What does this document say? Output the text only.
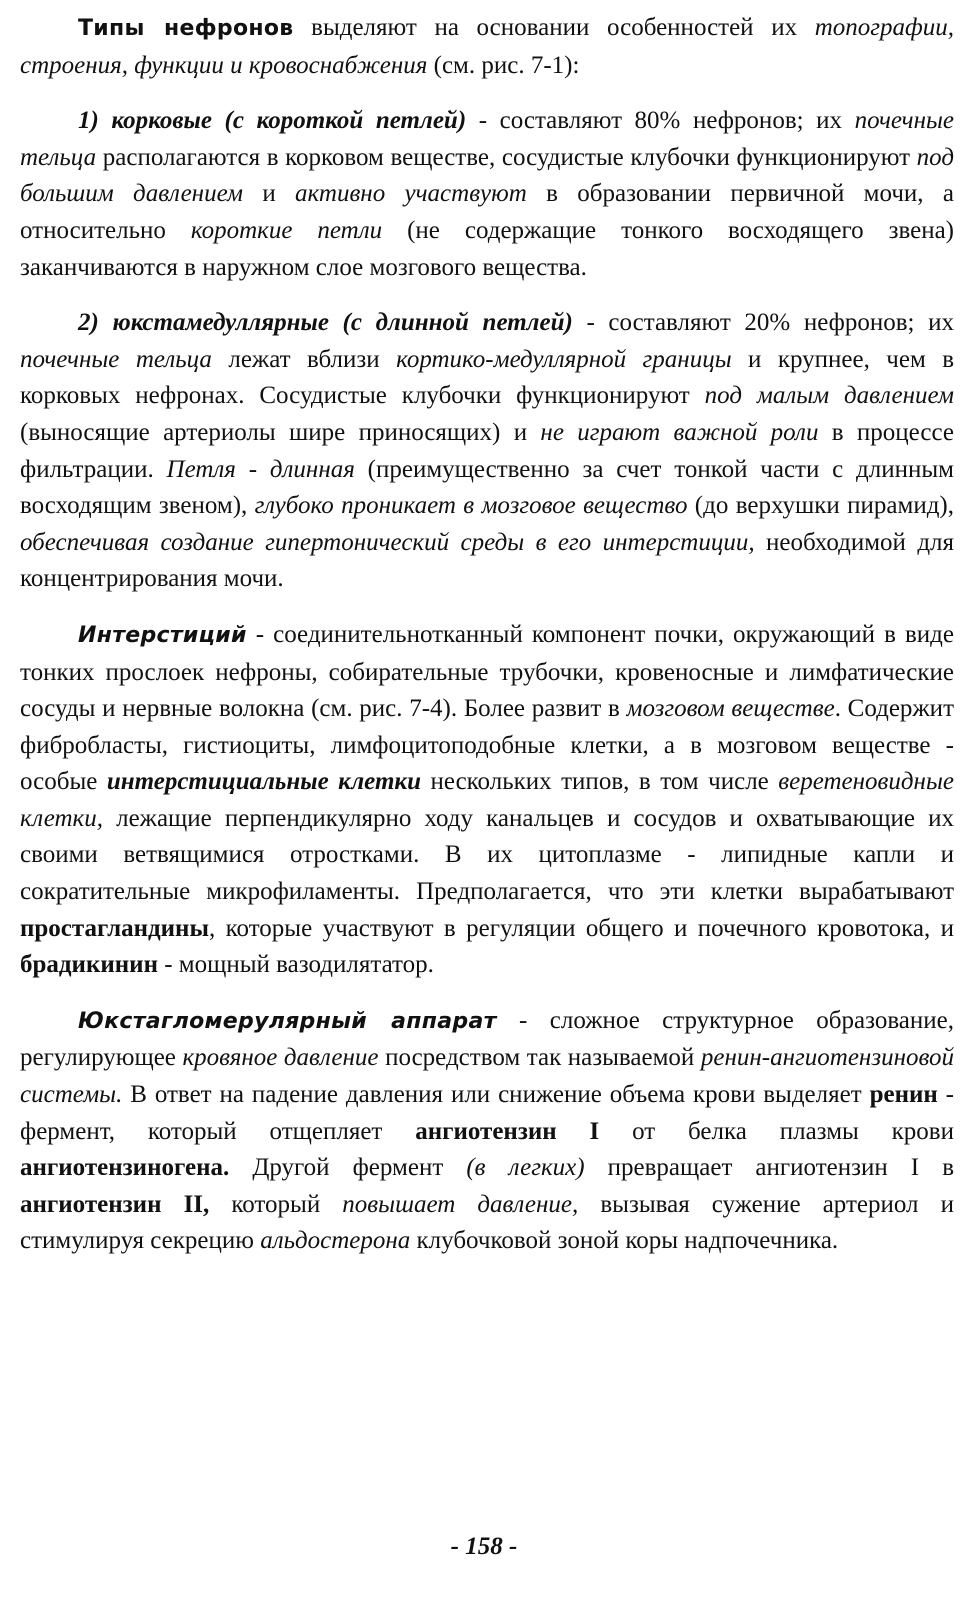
Типы нефронов выделяют на основании особенностей их топографии, строения, функции и кровоснабжения (см. рис. 7-1):

1) корковые (с короткой петлей) - составляют 80% нефронов; их почечные тельца располагаются в корковом веществе, сосудистые клубочки функционируют под большим давлением и активно участвуют в образовании первичной мочи, а относительно короткие петли (не содержащие тонкого восходящего звена) заканчиваются в наружном слое мозгового вещества.

2) юкстамедуллярные (с длинной петлей) - составляют 20% нефронов; их почечные тельца лежат вблизи кортико-медуллярной границы и крупнее, чем в корковых нефронах. Сосудистые клубочки функционируют под малым давлением (выносящие артериолы шире приносящих) и не играют важной роли в процессе фильтрации. Петля - длинная (преимущественно за счет тонкой части с длинным восходящим звеном), глубоко проникает в мозговое вещество (до верхушки пирамид), обеспечивая создание гипертонический среды в его интерстиции, необходимой для концентрирования мочи.

Интерстиций - соединительнотканный компонент почки, окружающий в виде тонких прослоек нефроны, собирательные трубочки, кровеносные и лимфатические сосуды и нервные волокна (см. рис. 7-4). Более развит в мозговом веществе. Содержит фибробласты, гистиоциты, лимфоцитоподобные клетки, а в мозговом веществе - особые интерстициальные клетки нескольких типов, в том числе веретеновидные клетки, лежащие перпендикулярно ходу канальцев и сосудов и охватывающие их своими ветвящимися отростками. В их цитоплазме - липидные капли и сократительные микрофиламенты. Предполагается, что эти клетки вырабатывают простагландины, которые участвуют в регуляции общего и почечного кровотока, и брадикинин - мощный вазодилятатор.

Юкстагломерулярный аппарат - сложное структурное образование, регулирующее кровяное давление посредством так называемой ренин-ангиотензиновой системы. В ответ на падение давления или снижение объема крови выделяет ренин - фермент, который отщепляет ангиотензин I от белка плазмы крови ангиотензиногена. Другой фермент (в легких) превращает ангиотензин I в ангиотензин II, который повышает давление, вызывая сужение артериол и стимулируя секрецию альдостерона клубочковой зоной коры надпочечника.

- 158 -
